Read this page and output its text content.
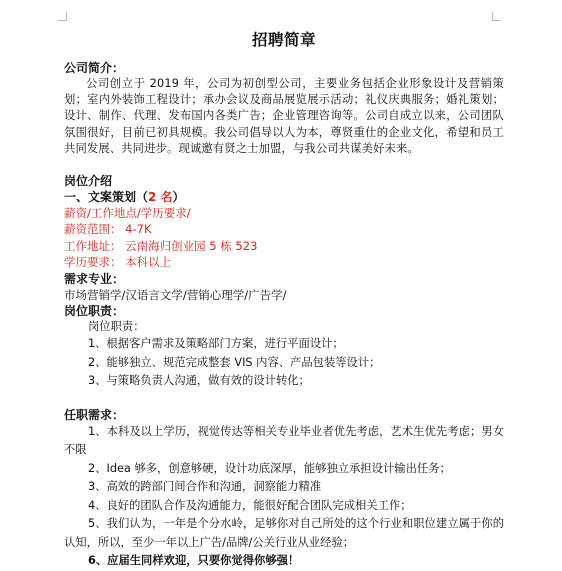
招聘简章
公司简介：

公司创立于 2019 年，公司为初创型公司，主要业务包括企业形象设计及营销策划；室内外装饰工程设计；承办会议及商品展览展示活动；礼仪庆典服务；婚礼策划；设计、制作、代理、发布国内各类广告；企业管理咨询等。公司自成立以来，公司团队氛围很好，目前已初具规模。我公司倡导以人为本，尊贤重仕的企业文化，希望和员工共同发展、共同进步。现诚邀有贤之士加盟，与我公司共谋美好未来。

岗位介绍
一、文案策划（2 名）
薪资/工作地点/学历要求/
薪资范围： 4-7K
工作地址： 云南海归创业园 5 栋 523
学历要求： 本科以上
需求专业：
市场营销学/汉语言文学/营销心理学/广告学/
岗位职责：
岗位职责：
1、根据客户需求及策略部门方案，进行平面设计；
2、能够独立、规范完成整套 VIS 内容、产品包装等设计；
3、与策略负责人沟通，做有效的设计转化；
任职需求：
1、本科及以上学历，视觉传达等相关专业毕业者优先考虑，艺术生优先考虑；男女不限
2、Idea 够多，创意够硬，设计功底深厚，能够独立承担设计输出任务；
3、高效的跨部门间合作和沟通，洞察能力精准
4、良好的团队合作及沟通能力，能很好配合团队完成相关工作；
5、我们认为，一年是个分水岭，足够你对自己所处的这个行业和职位建立属于你的认知，所以，至少一年以上广告/品牌/公关行业从业经验；
6、应届生同样欢迎，只要你觉得你够强！
